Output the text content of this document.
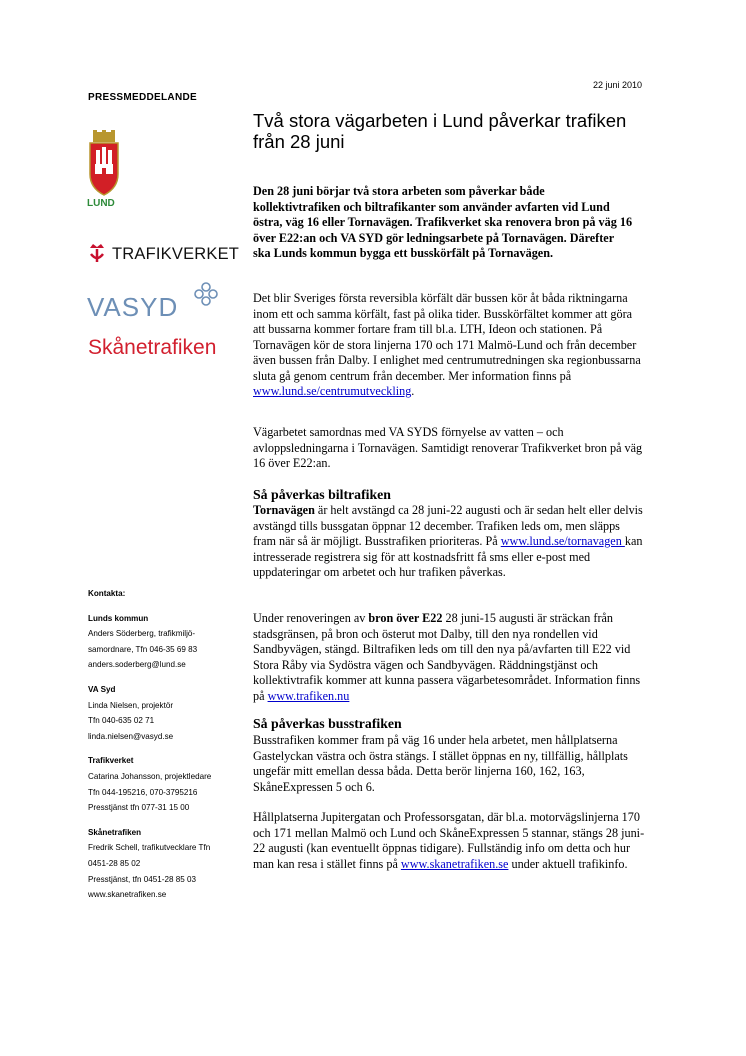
22 juni 2010
PRESSMEDDELANDE
LUND
TRAFIKVERKET
VASYD
Skånetrafiken
Två stora vägarbeten i Lund påverkar trafiken från 28 juni
Den 28 juni börjar två stora arbeten som påverkar både kollektivtrafiken och biltrafikanter som använder avfarten vid Lund östra, väg 16 eller Tornavägen. Trafikverket ska renovera bron på väg 16 över E22:an och VA SYD gör ledningsarbete på Tornavägen. Därefter ska Lunds kommun bygga ett busskörfält på Tornavägen.

Det blir Sveriges första reversibla körfält där bussen kör åt båda riktningarna inom ett och samma körfält, fast på olika tider. Busskörfältet kommer att göra att bussarna kommer fortare fram till bl.a. LTH, Ideon och stationen. På Tornavägen kör de stora linjerna 170 och 171 Malmö-Lund och från december även bussen från Dalby. I enlighet med centrumutredningen ska regionbussarna sluta gå genom centrum från december. Mer information finns på www.lund.se/centrumutveckling.

Vägarbetet samordnas med VA SYDS förnyelse av vatten – och avloppsledningarna i Tornavägen. Samtidigt renoverar Trafikverket bron på väg 16 över E22:an.

Så påverkas biltrafiken

Tornavägen är helt avstängd ca 28 juni-22 augusti och är sedan helt eller delvis avstängd tills bussgatan öppnar 12 december. Trafiken leds om, men släpps fram när så är möjligt. Busstrafiken prioriteras. På www.lund.se/tornavagen kan intresserade registrera sig för att kostnadsfritt få sms eller e-post med uppdateringar om arbetet och hur trafiken påverkas.

Under renoveringen av bron över E22 28 juni-15 augusti är sträckan från stadsgränsen, på bron och österut mot Dalby, till den nya rondellen vid Sandbyvägen, stängd. Biltrafiken leds om till den nya på/avfarten till E22 vid Stora Råby via Sydöstra vägen och Sandbyvägen. Räddningstjänst och kollektivtrafik kommer att kunna passera vägarbetesområdet. Information finns på www.trafiken.nu

Så påverkas busstrafiken

Busstrafiken kommer fram på väg 16 under hela arbetet, men hållplatserna Gastelyckan västra och östra stängs. I stället öppnas en ny, tillfällig, hållplats ungefär mitt emellan dessa båda. Detta berör linjerna 160, 162, 163, SkåneExpressen 5 och 6.

Hållplatserna Jupitergatan och Professorsgatan, där bl.a. motorvägslinjerna 170 och 171 mellan Malmö och Lund och SkåneExpressen 5 stannar, stängs 28 juni-22 augusti (kan eventuellt öppnas tidigare). Fullständig info om detta och hur man kan resa i stället finns på www.skanetrafiken.se under aktuell trafikinfo.

Kontakta:
Lunds kommun
Anders Söderberg, trafikmiljö-
samordnare, Tfn 046-35 69 83
anders.soderberg@lund.se
VA Syd
Linda Nielsen, projektör
Tfn 040-635 02 71
linda.nielsen@vasyd.se
Trafikverket
Catarina Johansson, projektledare
Tfn 044-195216, 070-3795216
Presstjänst tfn 077-31 15 00
Skånetrafiken
Fredrik Schell, trafikutvecklare Tfn
0451-28 85 02
Presstjänst, tfn 0451-28 85 03
www.skanetrafiken.se
